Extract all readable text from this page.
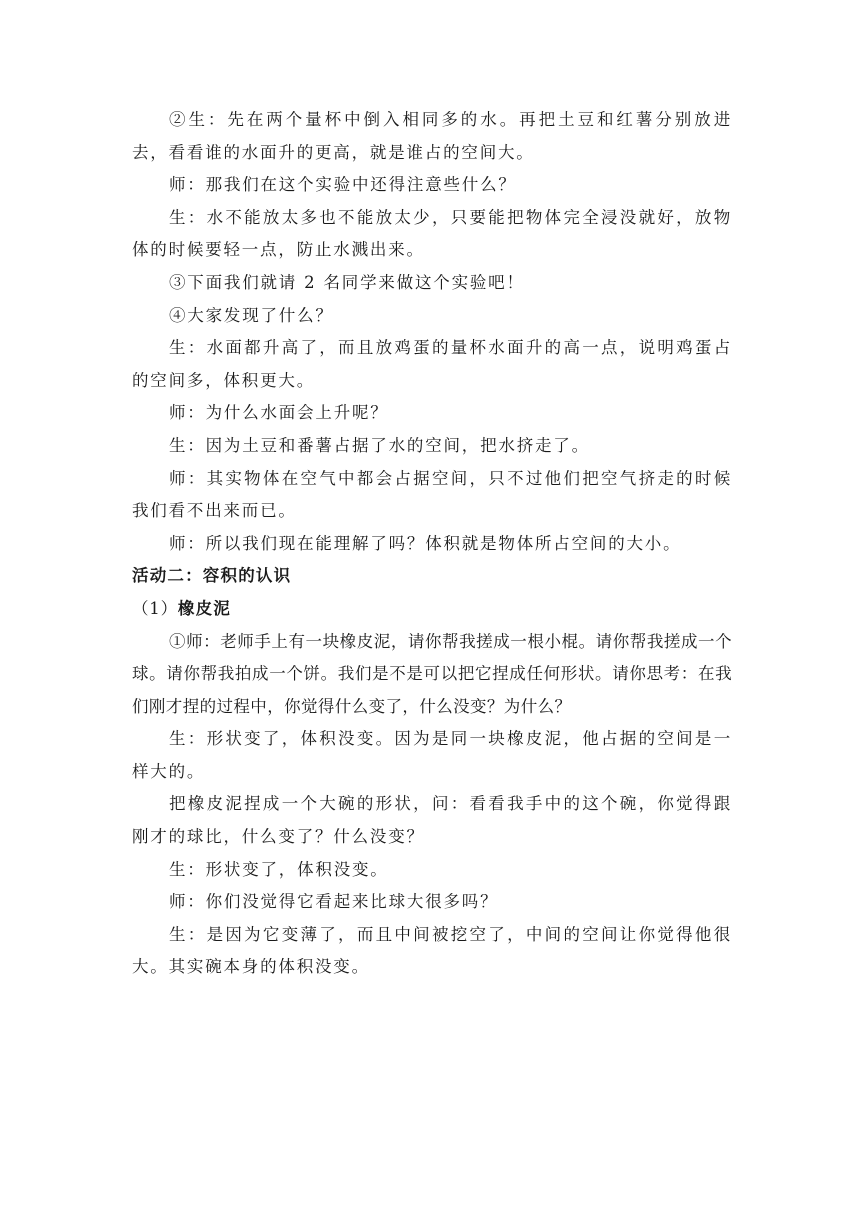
②生：先在两个量杯中倒入相同多的水。再把土豆和红薯分别放进去，看看谁的水面升的更高，就是谁占的空间大。

师：那我们在这个实验中还得注意些什么？

生：水不能放太多也不能放太少，只要能把物体完全浸没就好，放物体的时候要轻一点，防止水溅出来。

③下面我们就请 2 名同学来做这个实验吧！

④大家发现了什么？

生：水面都升高了，而且放鸡蛋的量杯水面升的高一点，说明鸡蛋占的空间多，体积更大。

师：为什么水面会上升呢？

生：因为土豆和番薯占据了水的空间，把水挤走了。

师：其实物体在空气中都会占据空间，只不过他们把空气挤走的时候我们看不出来而已。

师：所以我们现在能理解了吗？体积就是物体所占空间的大小。

活动二：容积的认识

（1）橡皮泥

①师：老师手上有一块橡皮泥，请你帮我搓成一根小棍。请你帮我搓成一个球。请你帮我拍成一个饼。我们是不是可以把它捏成任何形状。请你思考：在我们刚才捏的过程中，你觉得什么变了，什么没变？为什么？

生：形状变了，体积没变。因为是同一块橡皮泥，他占据的空间是一样大的。

把橡皮泥捏成一个大碗的形状，问：看看我手中的这个碗，你觉得跟刚才的球比，什么变了？什么没变？

生：形状变了，体积没变。

师：你们没觉得它看起来比球大很多吗？

生：是因为它变薄了，而且中间被挖空了，中间的空间让你觉得他很大。其实碗本身的体积没变。
